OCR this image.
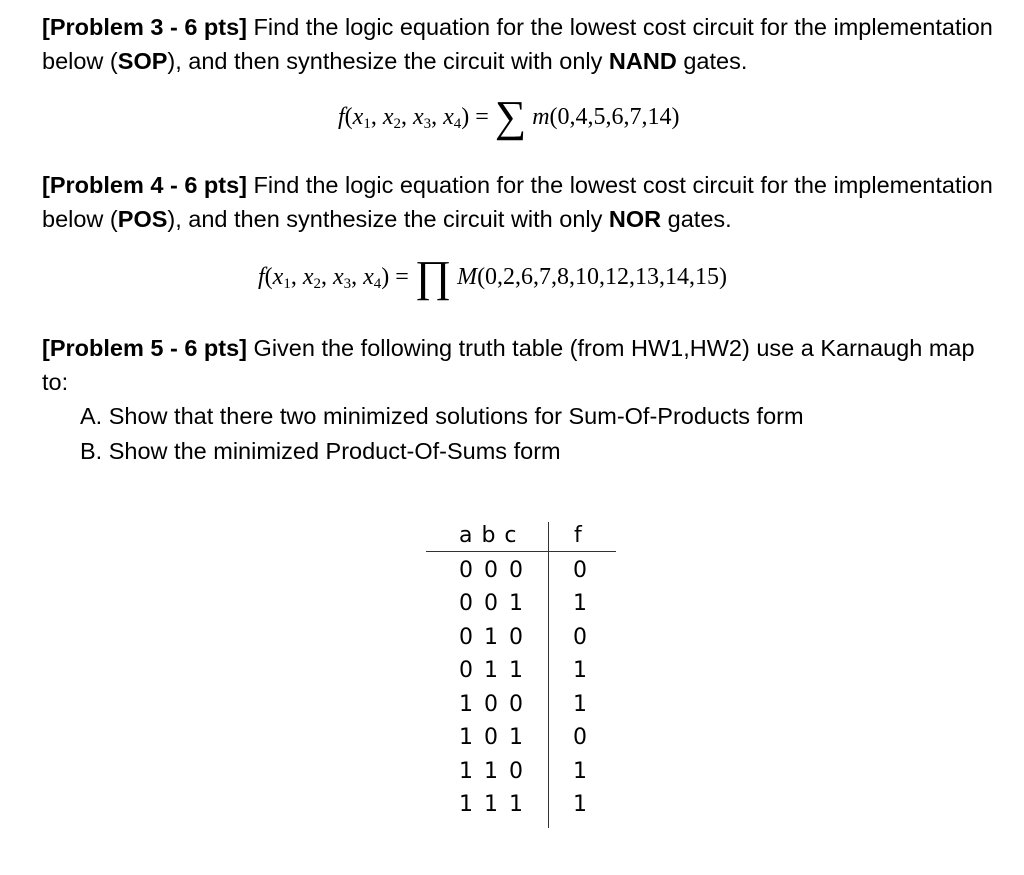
[Problem 3 - 6 pts] Find the logic equation for the lowest cost circuit for the implementation below (SOP), and then synthesize the circuit with only NAND gates.
$f(x_1$, $x_2$, $x_3$, $x_4$) = ∑ m(0,4,5,6,7,14)
[Problem 4 - 6 pts] Find the logic equation for the lowest cost circuit for the implementation below (POS), and then synthesize the circuit with only NOR gates.
$f(x_1$, $x_2$, $x_3$, $x_4$) = ∏ M(0,2,6,7,8,10,12,13,14,15)
[Problem 5 - 6 pts] Given the following truth table (from HW1,HW2) use a Karnaugh map to:
A. Show that there two minimized solutions for Sum-Of-Products form
B. Show the minimized Product-Of-Sums form
a b c	f
0 0 0 0
0 0 1 1
0 1 0 0
0 1 1 1
1 0 0 1
1 0 1 0
1 1 0 1
1 1 1 1
